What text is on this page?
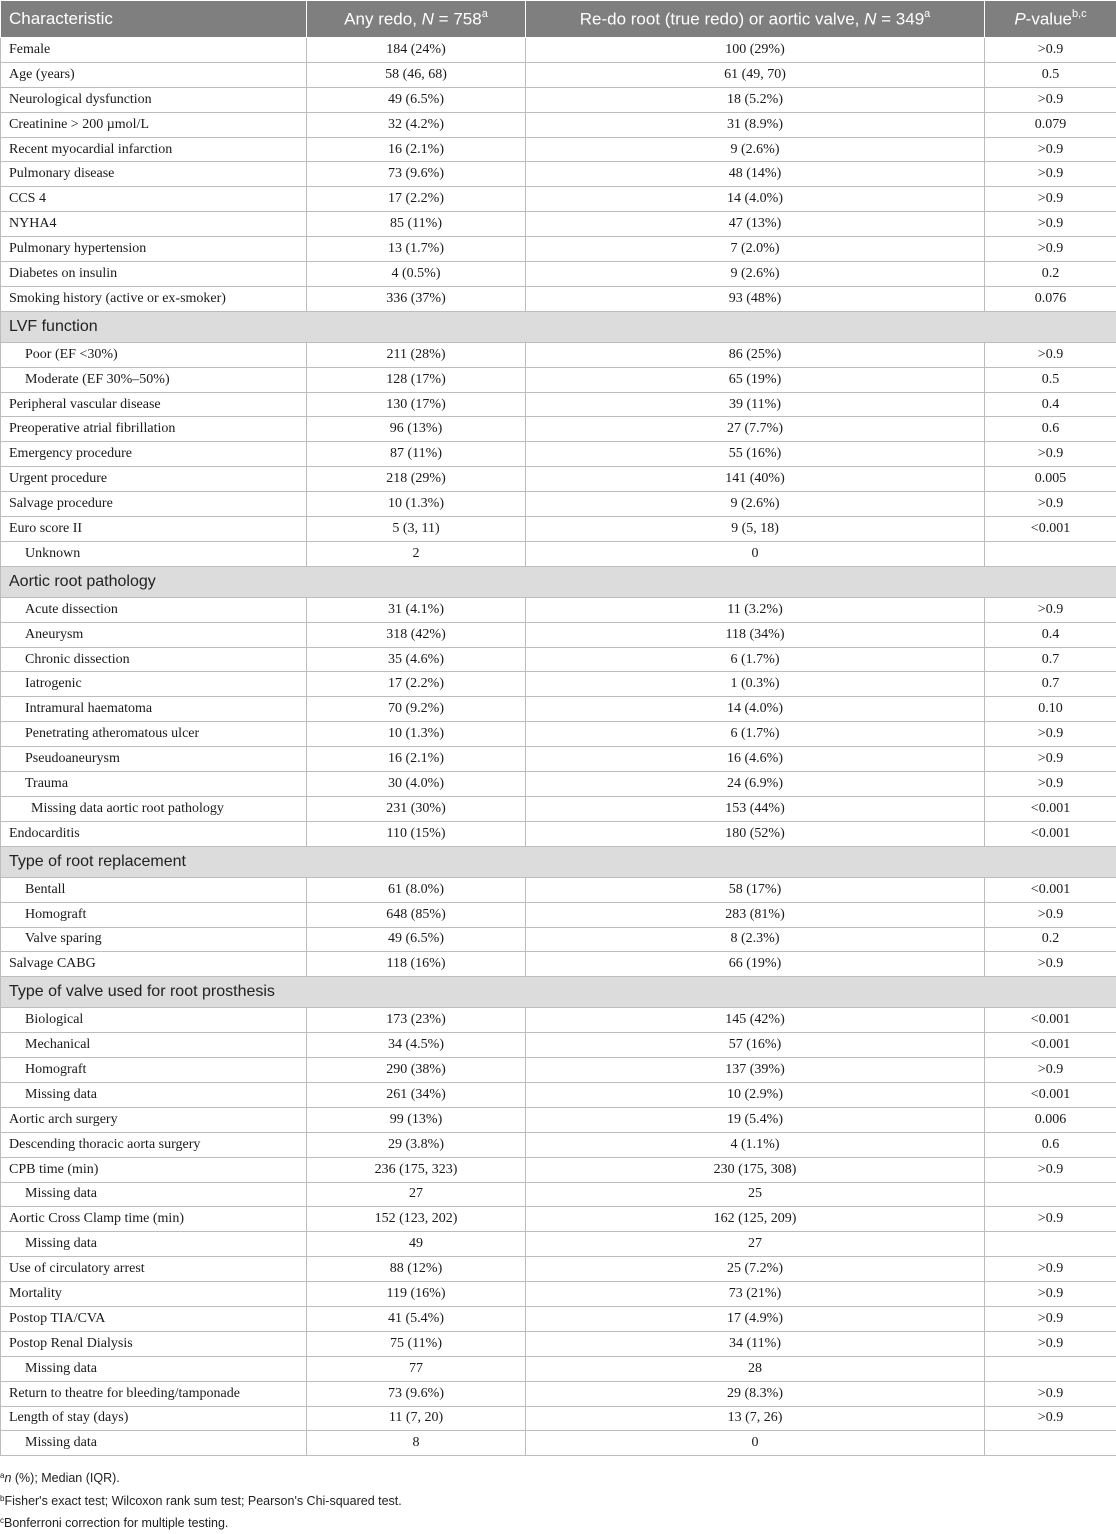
Characteristic	Any redo, $N = 758^a$	Re-do root (true redo) or aortic valve, $N = 349^a$	P-value$^{b,c}$
Female	184 (24%)	100 (29%)	>0.9
Age (years)	58 (46, 68)	61 (49, 70)	0.5
Neurological dysfunction	49 (6.5%)	18 (5.2%)	>0.9
Creatinine > 200 µmol/L	32 (4.2%)	31 (8.9%)	0.079
Recent myocardial infarction	16 (2.1%)	9 (2.6%)	>0.9
Pulmonary disease	73 (9.6%)	48 (14%)	>0.9
CCS 4	17 (2.2%)	14 (4.0%)	>0.9
NYHA4	85 (11%)	47 (13%)	>0.9
Pulmonary hypertension	13 (1.7%)	7 (2.0%)	>0.9
Diabetes on insulin	4 (0.5%)	9 (2.6%)	0.2
Smoking history (active or ex-smoker)	336 (37%)	93 (48%)	0.076
LVF function			
Poor (EF <30%)	211 (28%)	86 (25%)	>0.9
Moderate (EF 30%–50%)	128 (17%)	65 (19%)	0.5
Peripheral vascular disease	130 (17%)	39 (11%)	0.4
Preoperative atrial fibrillation	96 (13%)	27 (7.7%)	0.6
Emergency procedure	87 (11%)	55 (16%)	>0.9
Urgent procedure	218 (29%)	141 (40%)	0.005
Salvage procedure	10 (1.3%)	9 (2.6%)	>0.9
Euro score II	5 (3, 11)	9 (5, 18)	<0.001
Unknown	2	0	
Aortic root pathology			
Acute dissection	31 (4.1%)	11 (3.2%)	>0.9
Aneurysm	318 (42%)	118 (34%)	0.4
Chronic dissection	35 (4.6%)	6 (1.7%)	0.7
Iatrogenic	17 (2.2%)	1 (0.3%)	0.7
Intramural haematoma	70 (9.2%)	14 (4.0%)	0.10
Penetrating atheromatous ulcer	10 (1.3%)	6 (1.7%)	>0.9
Pseudoaneurysm	16 (2.1%)	16 (4.6%)	>0.9
Trauma	30 (4.0%)	24 (6.9%)	>0.9
Missing data aortic root pathology	231 (30%)	153 (44%)	<0.001
Endocarditis	110 (15%)	180 (52%)	<0.001
Type of root replacement			
Bentall	61 (8.0%)	58 (17%)	<0.001
Homograft	648 (85%)	283 (81%)	>0.9
Valve sparing	49 (6.5%)	8 (2.3%)	0.2
Salvage CABG	118 (16%)	66 (19%)	>0.9
Type of valve used for root prosthesis			
Biological	173 (23%)	145 (42%)	<0.001
Mechanical	34 (4.5%)	57 (16%)	<0.001
Homograft	290 (38%)	137 (39%)	>0.9
Missing data	261 (34%)	10 (2.9%)	<0.001
Aortic arch surgery	99 (13%)	19 (5.4%)	0.006
Descending thoracic aorta surgery	29 (3.8%)	4 (1.1%)	0.6
CPB time (min)	236 (175, 323)	230 (175, 308)	>0.9
Missing data	27	25	
Aortic Cross Clamp time (min)	152 (123, 202)	162 (125, 209)	>0.9
Missing data	49	27	
Use of circulatory arrest	88 (12%)	25 (7.2%)	>0.9
Mortality	119 (16%)	73 (21%)	>0.9
Postop TIA/CVA	41 (5.4%)	17 (4.9%)	>0.9
Postop Renal Dialysis	75 (11%)	34 (11%)	>0.9
Missing data	77	28	
Return to theatre for bleeding/tamponade	73 (9.6%)	29 (8.3%)	>0.9
Length of stay (days)	11 (7, 20)	13 (7, 26)	>0.9
Missing data	8	0	
$^a$n (%); Median (IQR).
$^b$Fisher's exact test; Wilcoxon rank sum test; Pearson's Chi-squared test.
$^c$Bonferroni correction for multiple testing.
